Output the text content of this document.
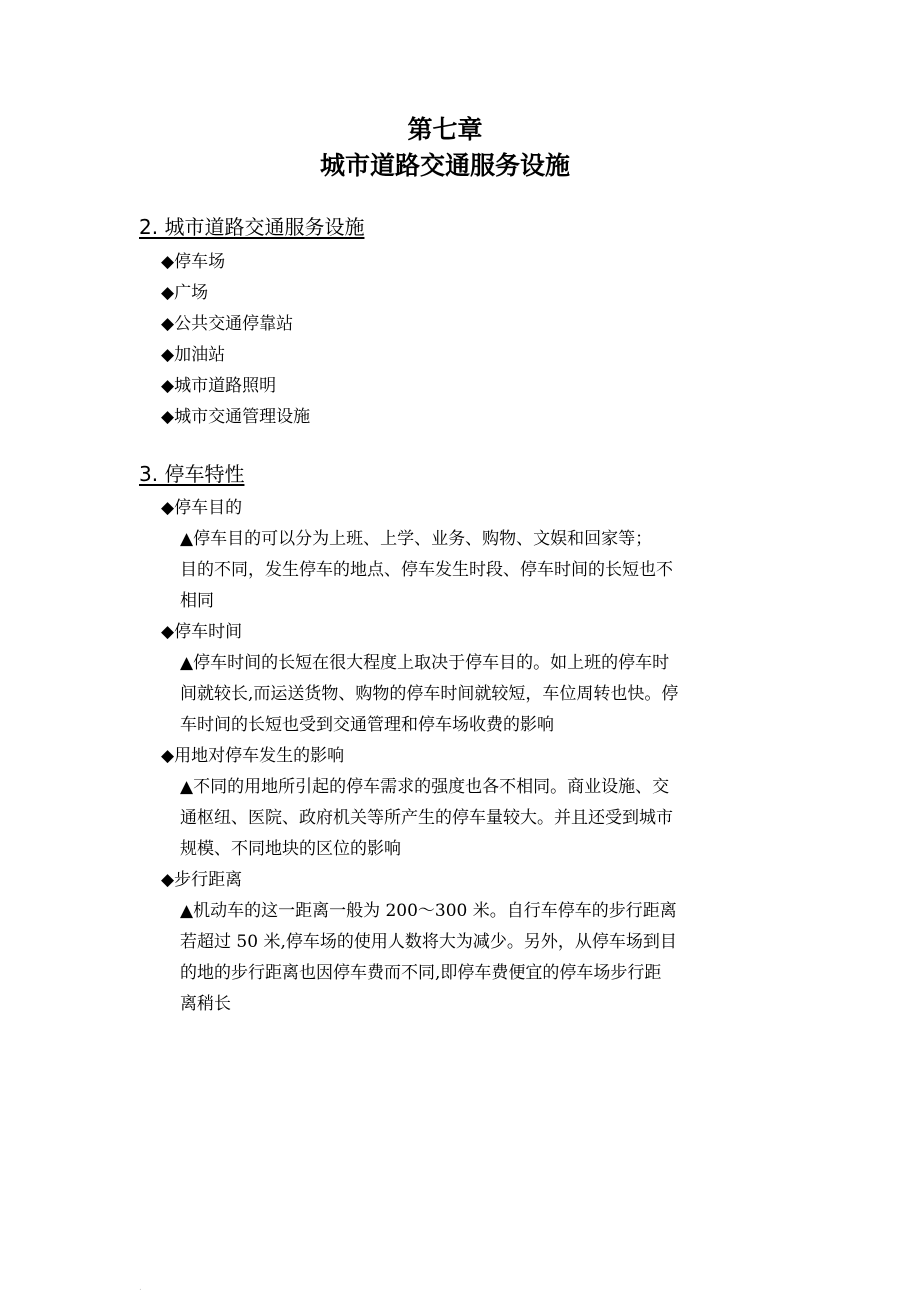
第七章
城市道路交通服务设施
2. 城市道路交通服务设施
◆停车场
◆广场
◆公共交通停靠站
◆加油站
◆城市道路照明
◆城市交通管理设施
3. 停车特性
◆停车目的
▲停车目的可以分为上班、上学、业务、购物、文娱和回家等；
目的不同，发生停车的地点、停车发生时段、停车时间的长短也不
相同
◆停车时间
▲停车时间的长短在很大程度上取决于停车目的。如上班的停车时
间就较长,而运送货物、购物的停车时间就较短，车位周转也快。停
车时间的长短也受到交通管理和停车场收费的影响
◆用地对停车发生的影响
▲不同的用地所引起的停车需求的强度也各不相同。商业设施、交
通枢纽、医院、政府机关等所产生的停车量较大。并且还受到城市
规模、不同地块的区位的影响
◆步行距离
▲机动车的这一距离一般为 200～300 米。自行车停车的步行距离
若超过 50 米,停车场的使用人数将大为减少。另外，从停车场到目
的地的步行距离也因停车费而不同,即停车费便宜的停车场步行距
离稍长
.
